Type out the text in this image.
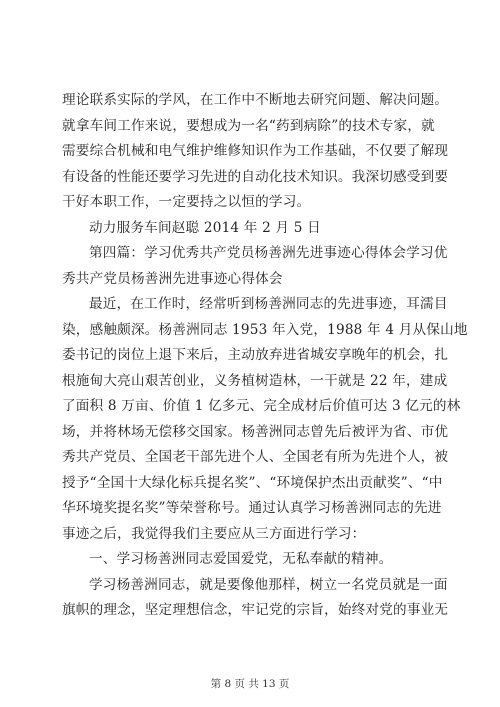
理论联系实际的学风，在工作中不断地去研究问题、解决问题。

就拿车间工作来说，要想成为一名“药到病除”的技术专家，就

需要综合机械和电气维护维修知识作为工作基础，不仅要了解现

有设备的性能还要学习先进的自动化技术知识。我深切感受到要

干好本职工作，一定要持之以恒的学习。

动力服务车间赵聪 2014 年 2 月 5 日

第四篇：学习优秀共产党员杨善洲先进事迹心得体会学习优

秀共产党员杨善洲先进事迹心得体会

最近，在工作时，经常听到杨善洲同志的先进事迹，耳濡目

染，感触颇深。杨善洲同志 1953 年入党，1988 年 4 月从保山地

委书记的岗位上退下来后，主动放弃进省城安享晚年的机会，扎

根施甸大亮山艰苦创业，义务植树造林，一干就是 22 年，建成

了面积 8 万亩、价值 1 亿多元、完全成材后价值可达 3 亿元的林

场，并将林场无偿移交国家。杨善洲同志曾先后被评为省、市优

秀共产党员、全国老干部先进个人、全国老有所为先进个人，被

授予“全国十大绿化标兵提名奖”、“环境保护杰出贡献奖”、“中

华环境奖提名奖”等荣誉称号。通过认真学习杨善洲同志的先进

事迹之后，我觉得我们主要应从三方面进行学习：

一、学习杨善洲同志爱国爱党，无私奉献的精神。

学习杨善洲同志，就是要像他那样，树立一名党员就是一面

旗帜的理念，坚定理想信念，牢记党的宗旨，始终对党的事业无

第 8 页 共 13 页
